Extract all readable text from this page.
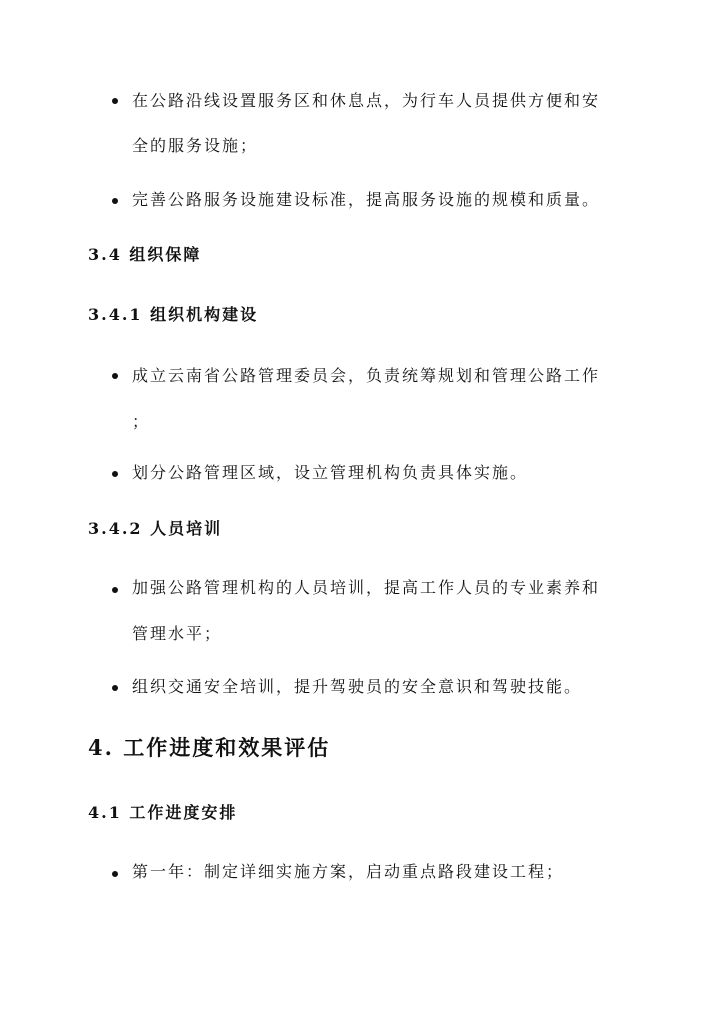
在公路沿线设置服务区和休息点，为行车人员提供方便和安
全的服务设施；
完善公路服务设施建设标准，提高服务设施的规模和质量。
3.4 组织保障
3.4.1 组织机构建设
成立云南省公路管理委员会，负责统筹规划和管理公路工作
；
划分公路管理区域，设立管理机构负责具体实施。
3.4.2 人员培训
加强公路管理机构的人员培训，提高工作人员的专业素养和
管理水平；
组织交通安全培训，提升驾驶员的安全意识和驾驶技能。
4. 工作进度和效果评估
4.1 工作进度安排
第一年：制定详细实施方案，启动重点路段建设工程；
